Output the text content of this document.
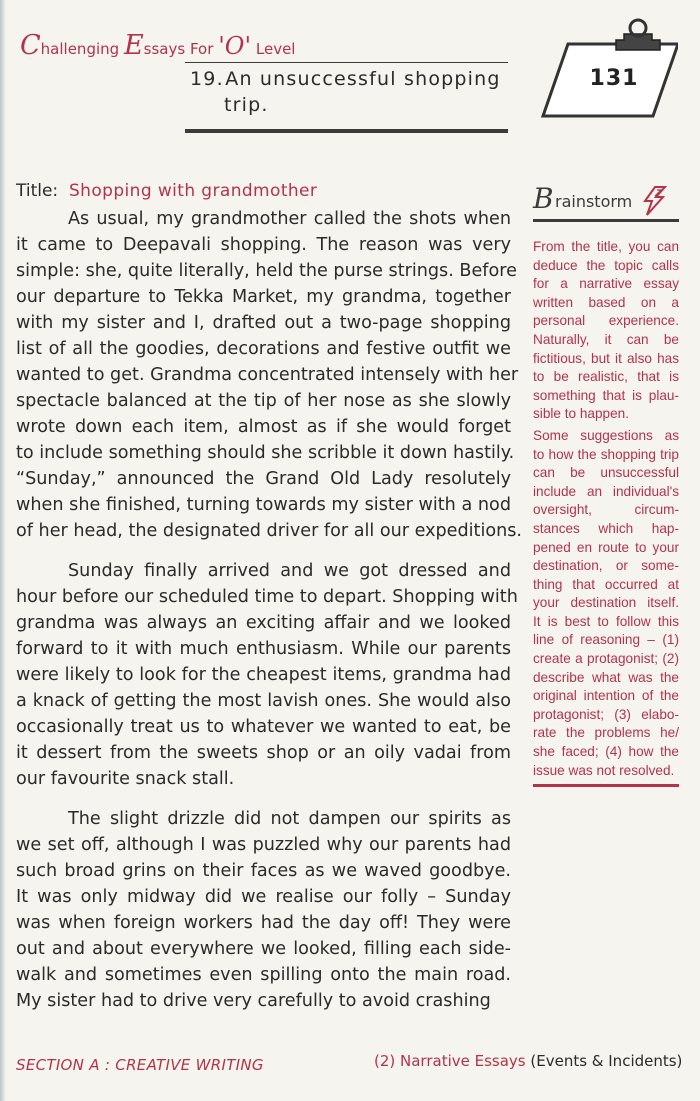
Challenging Essays For 'O' Level
19. An unsuccessful shopping
trip.
131
Title: Shopping with grandmother
As usual, my grandmother called the shots when
it came to Deepavali shopping. The reason was very
simple: she, quite literally, held the purse strings. Before
our departure to Tekka Market, my grandma, together
with my sister and I, drafted out a two-page shopping
list of all the goodies, decorations and festive outfit we
wanted to get. Grandma concentrated intensely with her
spectacle balanced at the tip of her nose as she slowly
wrote down each item, almost as if she would forget
to include something should she scribble it down hastily.
“Sunday,” announced the Grand Old Lady resolutely
when she finished, turning towards my sister with a nod
of her head, the designated driver for all our expeditions.
Sunday finally arrived and we got dressed and
hour before our scheduled time to depart. Shopping with
grandma was always an exciting affair and we looked
forward to it with much enthusiasm. While our parents
were likely to look for the cheapest items, grandma had
a knack of getting the most lavish ones. She would also
occasionally treat us to whatever we wanted to eat, be
it dessert from the sweets shop or an oily vadai from
our favourite snack stall.
The slight drizzle did not dampen our spirits as
we set off, although I was puzzled why our parents had
such broad grins on their faces as we waved goodbye.
It was only midway did we realise our folly – Sunday
was when foreign workers had the day off! They were
out and about everywhere we looked, filling each side-
walk and sometimes even spilling onto the main road.
My sister had to drive very carefully to avoid crashing
B rainstorm
From the title, you can
deduce the topic calls
for a narrative essay
written based on a
personal experience.
Naturally, it can be
fictitious, but it also has
to be realistic, that is
something that is plau-
sible to happen.
Some suggestions as
to how the shopping trip
can be unsuccessful
include an individual's
oversight, circum-
stances which hap-
pened en route to your
destination, or some-
thing that occurred at
your destination itself.
It is best to follow this
line of reasoning – (1)
create a protagonist; (2)
describe what was the
original intention of the
protagonist; (3) elabo-
rate the problems he/
she faced; (4) how the
issue was not resolved.
SECTION A : CREATIVE WRITING	(2) Narrative Essays (Events & Incidents)
